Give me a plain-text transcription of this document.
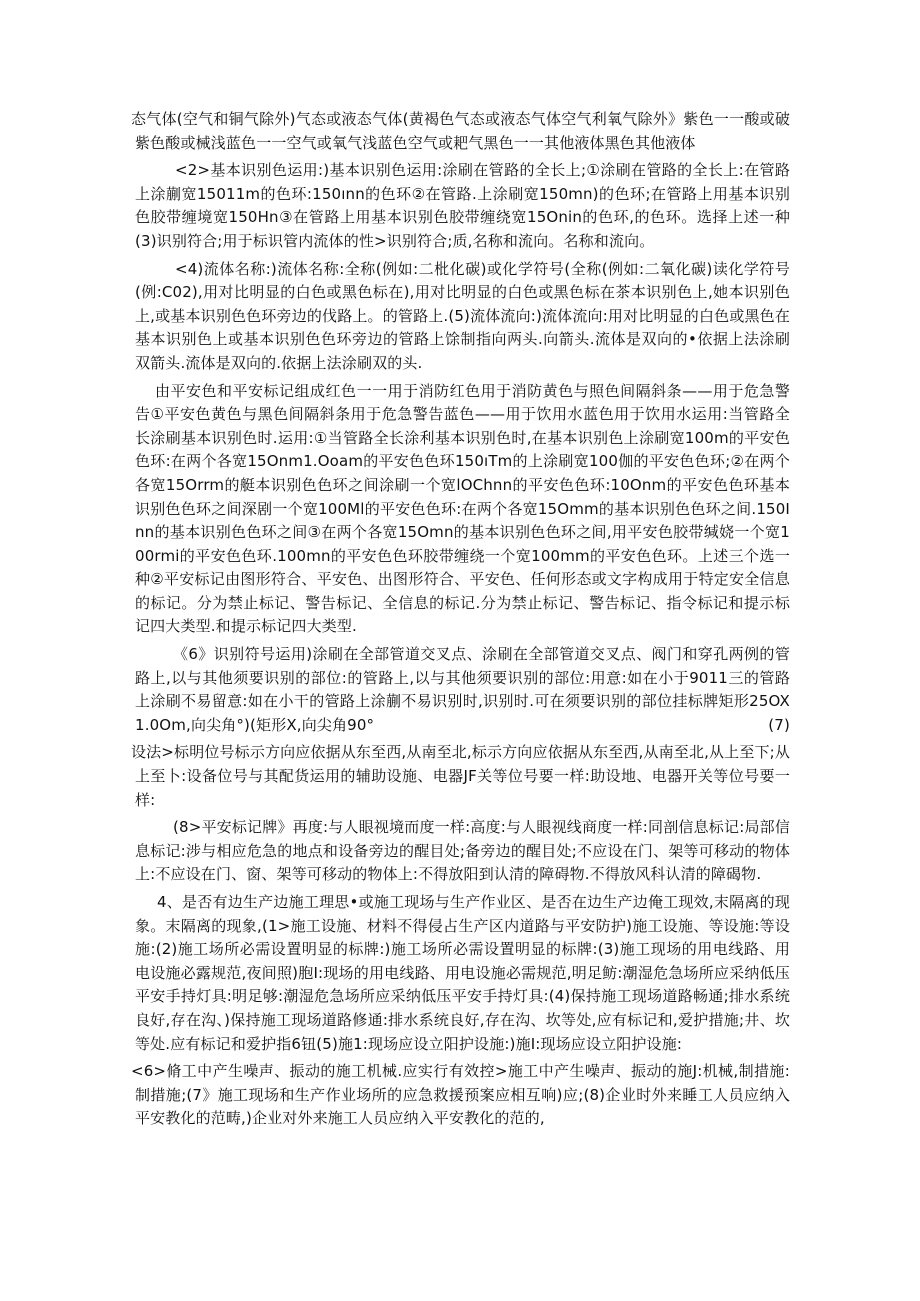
态气体(空气和铜气除外)气态或液态气体(黄褐色气态或液态气体空气利氧气除外》紫色一一酸或破紫色酸或械浅蓝色一一空气或氧气浅蓝色空气或耙气黑色一一其他液体黑色其他液体

<2>基本识别色运用:)基本识别色运用:涂刷在管路的全长上;①涂刷在管路的全长上:在管路上涂蒯宽15011m的色环:150ınn的色环②在管路.上涂刷宽150mn)的色环;在管路上用基本识别色胶带缠境宽150Hn③在管路上用基本识别色胶带缠绕宽15Onin的色环,的色环。选择上述一种(3)识别符合;用于标识管内流体的性>识别符合;质,名称和流向。名称和流向。

<4)流体名称:)流体名称:全称(例如:二枇化碳)或化学符号(全称(例如:二氧化碳)读化学符号(例:C02),用对比明显的白色或黑色标在),用对比明显的白色或黑色标在茶本识别色上,她本识别色上,或基本识别色色环旁边的伐路上。的管路上.(5)流体流向:)流体流向:用对比明显的白色或黑色在基本识别色上或基本识别色色环旁边的管路上馀制指向两头.向箭头.流体是双向的•依据上法涂刷双箭头.流体是双向的.依据上法涂刷双的头.

由平安色和平安标记组成红色一一用于消防红色用于消防黄色与照色间隔斜条——用于危急警告①平安色黄色与黑色间隔斜条用于危急警告蓝色——用于饮用水蓝色用于饮用水运用:当管路全长涂刷基本识别色时.运用:①当管路全长涂利基本识别色时,在基本识别色上涂刷宽100m的平安色色环:在两个各宽15Onm1.Ooam的平安色色环150ıTm的上涂刷宽100伽的平安色色环;②在两个各宽15Orrm的艇本识别色色环之间涂刷一个宽lOChnn的平安色色环:10Onm的平安色色环基本识别色色环之间深剧一个宽100Ml的平安色色环:在两个各宽15Omm的基本识别色色环之间.150Inn的基本识别色色环之间③在两个各宽15Omn的基本识别色色环之间,用平安色胶带缄娆一个宽100rmi的平安色色环.100mn的平安色色环胶带缠绕一个宽100mm的平安色色环。上述三个选一种②平安标记由图形符合、平安色、出图形符合、平安色、任何形态或文字构成用于特定安全信息的标记。分为禁止标记、警告标记、全信息的标记.分为禁止标记、警告标记、指令标记和提示标记四大类型.和提示标记四大类型.

《6》识别符号运用)涂刷在全部管道交叉点、涂刷在全部管道交叉点、阀门和穿孔两例的管路上,以与其他须要识别的部位:的管路上,以与其他须要识别的部位:用意:如在小于9011三的管路上涂刷不易留意:如在小干的管路上涂蒯不易识别时,识别时.可在须要识别的部位挂标牌矩形25OX1.0Om,向尖角°)(矩形X,向尖角90°	(7)

设法>标明位号标示方向应依据从东至西,从南至北,标示方向应依据从东至西,从南至北,从上至下;从上至卜:设备位号与其配货运用的辅助设施、电器JF关等位号要一样:助设地、电器开关等位号要一样:

(8>平安标记牌》再度:与人眼视境而度一样:高度:与人眼视线商度一样:同剖信息标记:局部信息标记:涉与相应危急的地点和设备旁边的醒目处;备旁边的醒目处;不应设在门、架等可移动的物体上:不应设在门、窗、架等可移动的物体上:不得放阳到认清的障碍物.不得放风科认清的障碣物.

4、是否有边生产边施工理思•或施工现场与生产作业区、是否在边生产边俺工现效,末隔离的现象。末隔离的现象,(1>施工设施、材料不得侵占生产区内道路与平安防护)施工设施、等设施:等设施:(2)施工场所必需设置明显的标牌:)施工场所必需设置明显的标牌:(3)施工现场的用电线路、用电设施必露规范,夜间照)胞I:现场的用电线路、用电设施必需规范,明足鲂:潮湿危急场所应采纳低压平安手持灯具:明足够:潮湿危急场所应采纳低压平安手持灯具:(4)保持施工现场道路畅通;排水系统良好,存在沟、)保持施工现场道路修通:排水系统良好,存在沟、坎等处,应有标记和,爱护措施;井、坎等处.应有标记和爱护指6钮(5)施1:现场应设立阳护设施:)施I:现场应设立阳护设施:

<6>脩工中产生噪声、振动的施工机械.应实行有效控>施工中产生噪声、振动的施J:机械,制措施:制措施;(7》施工现场和生产作业场所的应急救援预案应相互响)应;(8)企业时外来睡工人员应纳入平安教化的范畴,)企业对外来施工人员应纳入平安教化的范的,
